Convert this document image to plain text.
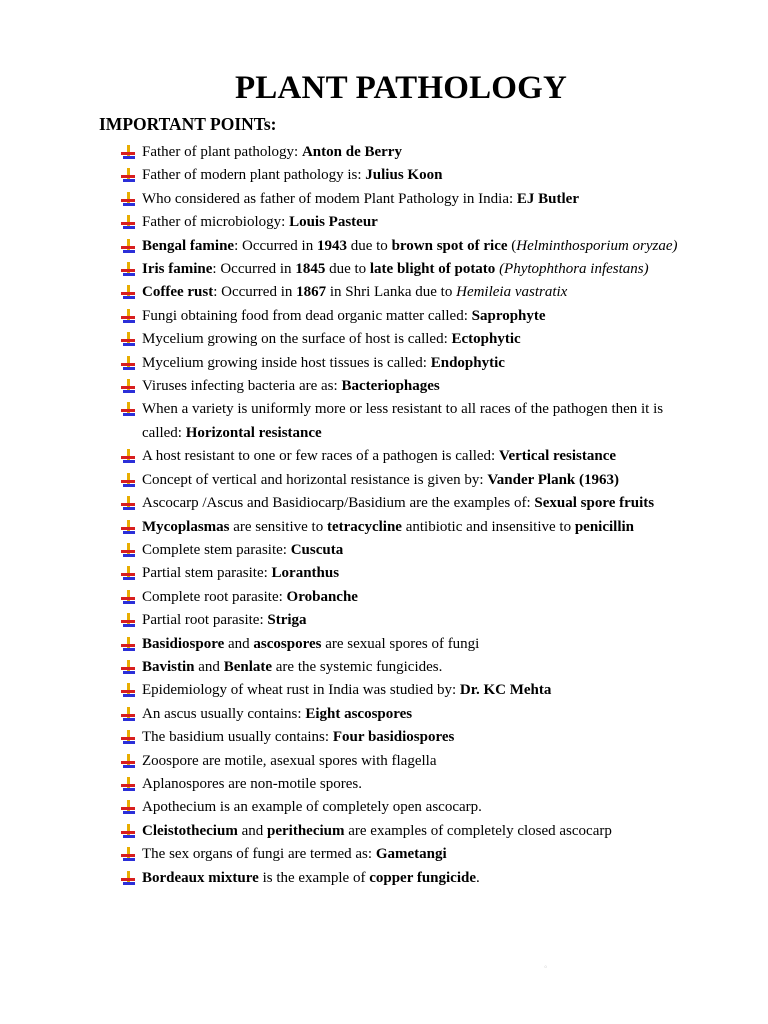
PLANT PATHOLOGY
IMPORTANT POINTs:
Father of plant pathology: Anton de Berry
Father of modern plant pathology is: Julius Koon
Who considered as father of modem Plant Pathology in India: EJ Butler
Father of microbiology: Louis Pasteur
Bengal famine: Occurred in 1943 due to brown spot of rice (Helminthosporium oryzae)
Iris famine: Occurred in 1845 due to late blight of potato (Phytophthora infestans)
Coffee rust: Occurred in 1867 in Shri Lanka due to Hemileia vastratix
Fungi obtaining food from dead organic matter called: Saprophyte
Mycelium growing on the surface of host is called: Ectophytic
Mycelium growing inside host tissues is called: Endophytic
Viruses infecting bacteria are as: Bacteriophages
When a variety is uniformly more or less resistant to all races of the pathogen then it is called: Horizontal resistance
A host resistant to one or few races of a pathogen is called: Vertical resistance
Concept of vertical and horizontal resistance is given by: Vander Plank (1963)
Ascocarp /Ascus and Basidiocarp/Basidium are the examples of: Sexual spore fruits
Mycoplasmas are sensitive to tetracycline antibiotic and insensitive to penicillin
Complete stem parasite: Cuscuta
Partial stem parasite: Loranthus
Complete root parasite: Orobanche
Partial root parasite: Striga
Basidiospore and ascospores are sexual spores of fungi
Bavistin and Benlate are the systemic fungicides.
Epidemiology of wheat rust in India was studied by: Dr. KC Mehta
An ascus usually contains: Eight ascospores
The basidium usually contains: Four basidiospores
Zoospore are motile, asexual spores with flagella
Aplanospores are non-motile spores.
Apothecium is an example of completely open ascocarp.
Cleistothecium and perithecium are examples of completely closed ascocarp
The sex organs of fungi are termed as: Gametangi
Bordeaux mixture is the example of copper fungicide.
°
